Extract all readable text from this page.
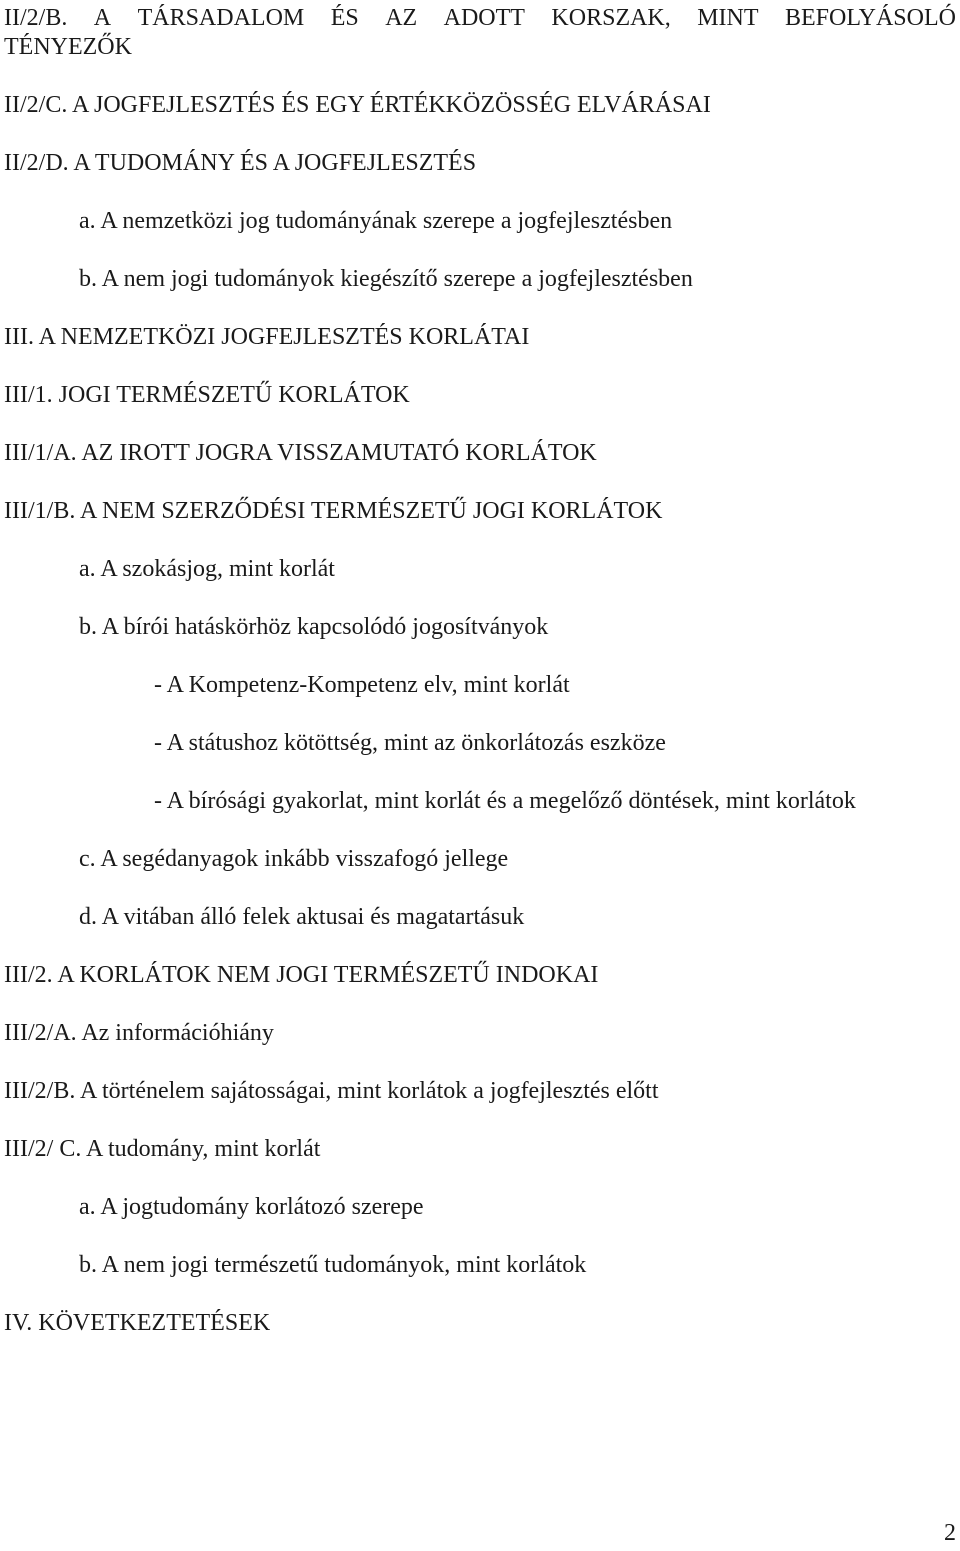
II/2/B. A TÁRSADALOM ÉS AZ ADOTT KORSZAK, MINT BEFOLYÁSOLÓ
TÉNYEZŐK
II/2/C. A JOGFEJLESZTÉS ÉS EGY ÉRTÉKKÖZÖSSÉG ELVÁRÁSAI
II/2/D. A TUDOMÁNY ÉS A JOGFEJLESZTÉS
a. A nemzetközi jog tudományának szerepe a jogfejlesztésben
b. A nem jogi tudományok kiegészítő szerepe a jogfejlesztésben
III. A NEMZETKÖZI JOGFEJLESZTÉS KORLÁTAI
III/1. JOGI TERMÉSZETŰ KORLÁTOK
III/1/A. AZ IROTT JOGRA VISSZAMUTATÓ KORLÁTOK
III/1/B. A NEM SZERZŐDÉSI TERMÉSZETŰ JOGI KORLÁTOK
a. A szokásjog, mint korlát
b. A bírói hatáskörhöz kapcsolódó jogosítványok
- A Kompetenz-Kompetenz elv, mint korlát
- A státushoz kötöttség, mint az önkorlátozás eszköze
- A bírósági gyakorlat, mint korlát és a megelőző döntések, mint korlátok
c. A segédanyagok inkább visszafogó jellege
d. A vitában álló felek aktusai és magatartásuk
III/2. A KORLÁTOK NEM JOGI TERMÉSZETŰ INDOKAI
III/2/A. Az információhiány
III/2/B. A történelem sajátosságai, mint korlátok a jogfejlesztés előtt
III/2/ C. A tudomány, mint korlát
a. A jogtudomány korlátozó szerepe
b. A nem jogi természetű tudományok, mint korlátok
IV. KÖVETKEZTETÉSEK
2
